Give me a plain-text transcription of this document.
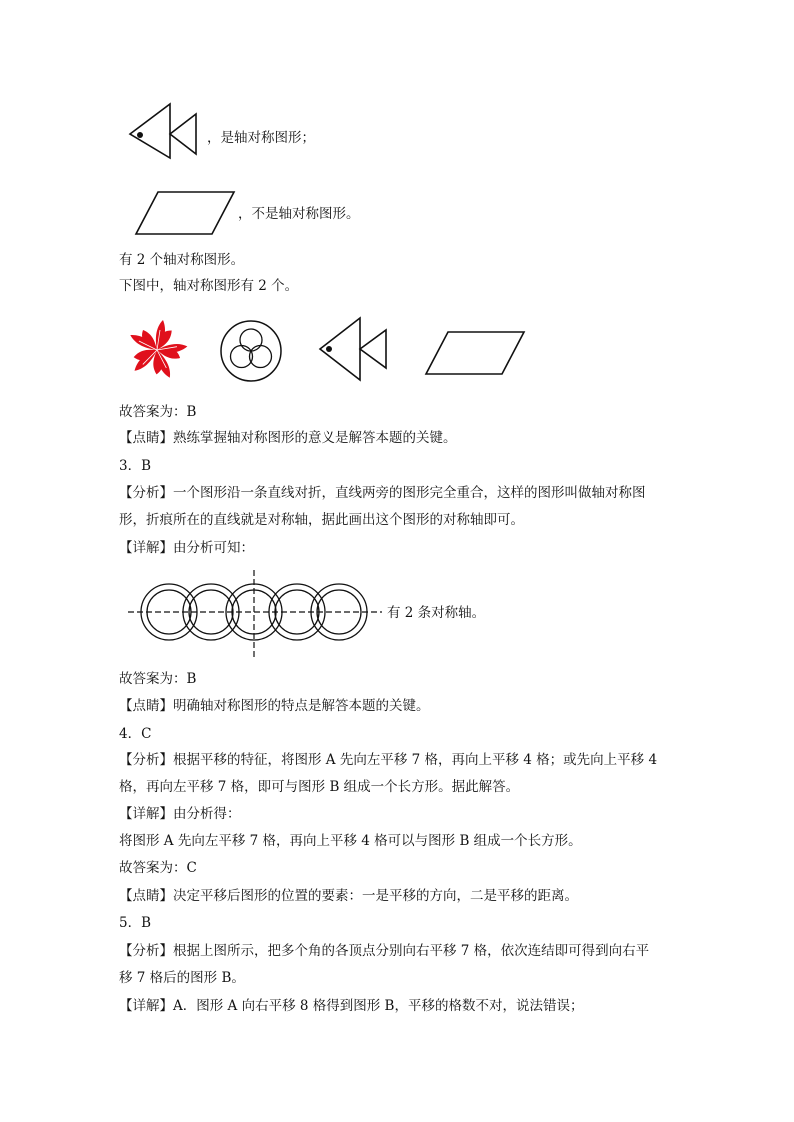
，是轴对称图形；
，不是轴对称图形。
有 2 个轴对称图形。
下图中，轴对称图形有 2 个。
故答案为：B
【点睛】熟练掌握轴对称图形的意义是解答本题的关键。
3．B
【分析】一个图形沿一条直线对折，直线两旁的图形完全重合，这样的图形叫做轴对称图
形，折痕所在的直线就是对称轴，据此画出这个图形的对称轴即可。
【详解】由分析可知：
有 2 条对称轴。
故答案为：B
【点睛】明确轴对称图形的特点是解答本题的关键。
4．C
【分析】根据平移的特征，将图形 A 先向左平移 7 格，再向上平移 4 格；或先向上平移 4
格，再向左平移 7 格，即可与图形 B 组成一个长方形。据此解答。
【详解】由分析得：
将图形 A 先向左平移 7 格，再向上平移 4 格可以与图形 B 组成一个长方形。
故答案为：C
【点睛】决定平移后图形的位置的要素：一是平移的方向，二是平移的距离。
5．B
【分析】根据上图所示，把多个角的各顶点分别向右平移 7 格，依次连结即可得到向右平
移 7 格后的图形 B。
【详解】A．图形 A 向右平移 8 格得到图形 B，平移的格数不对，说法错误；
